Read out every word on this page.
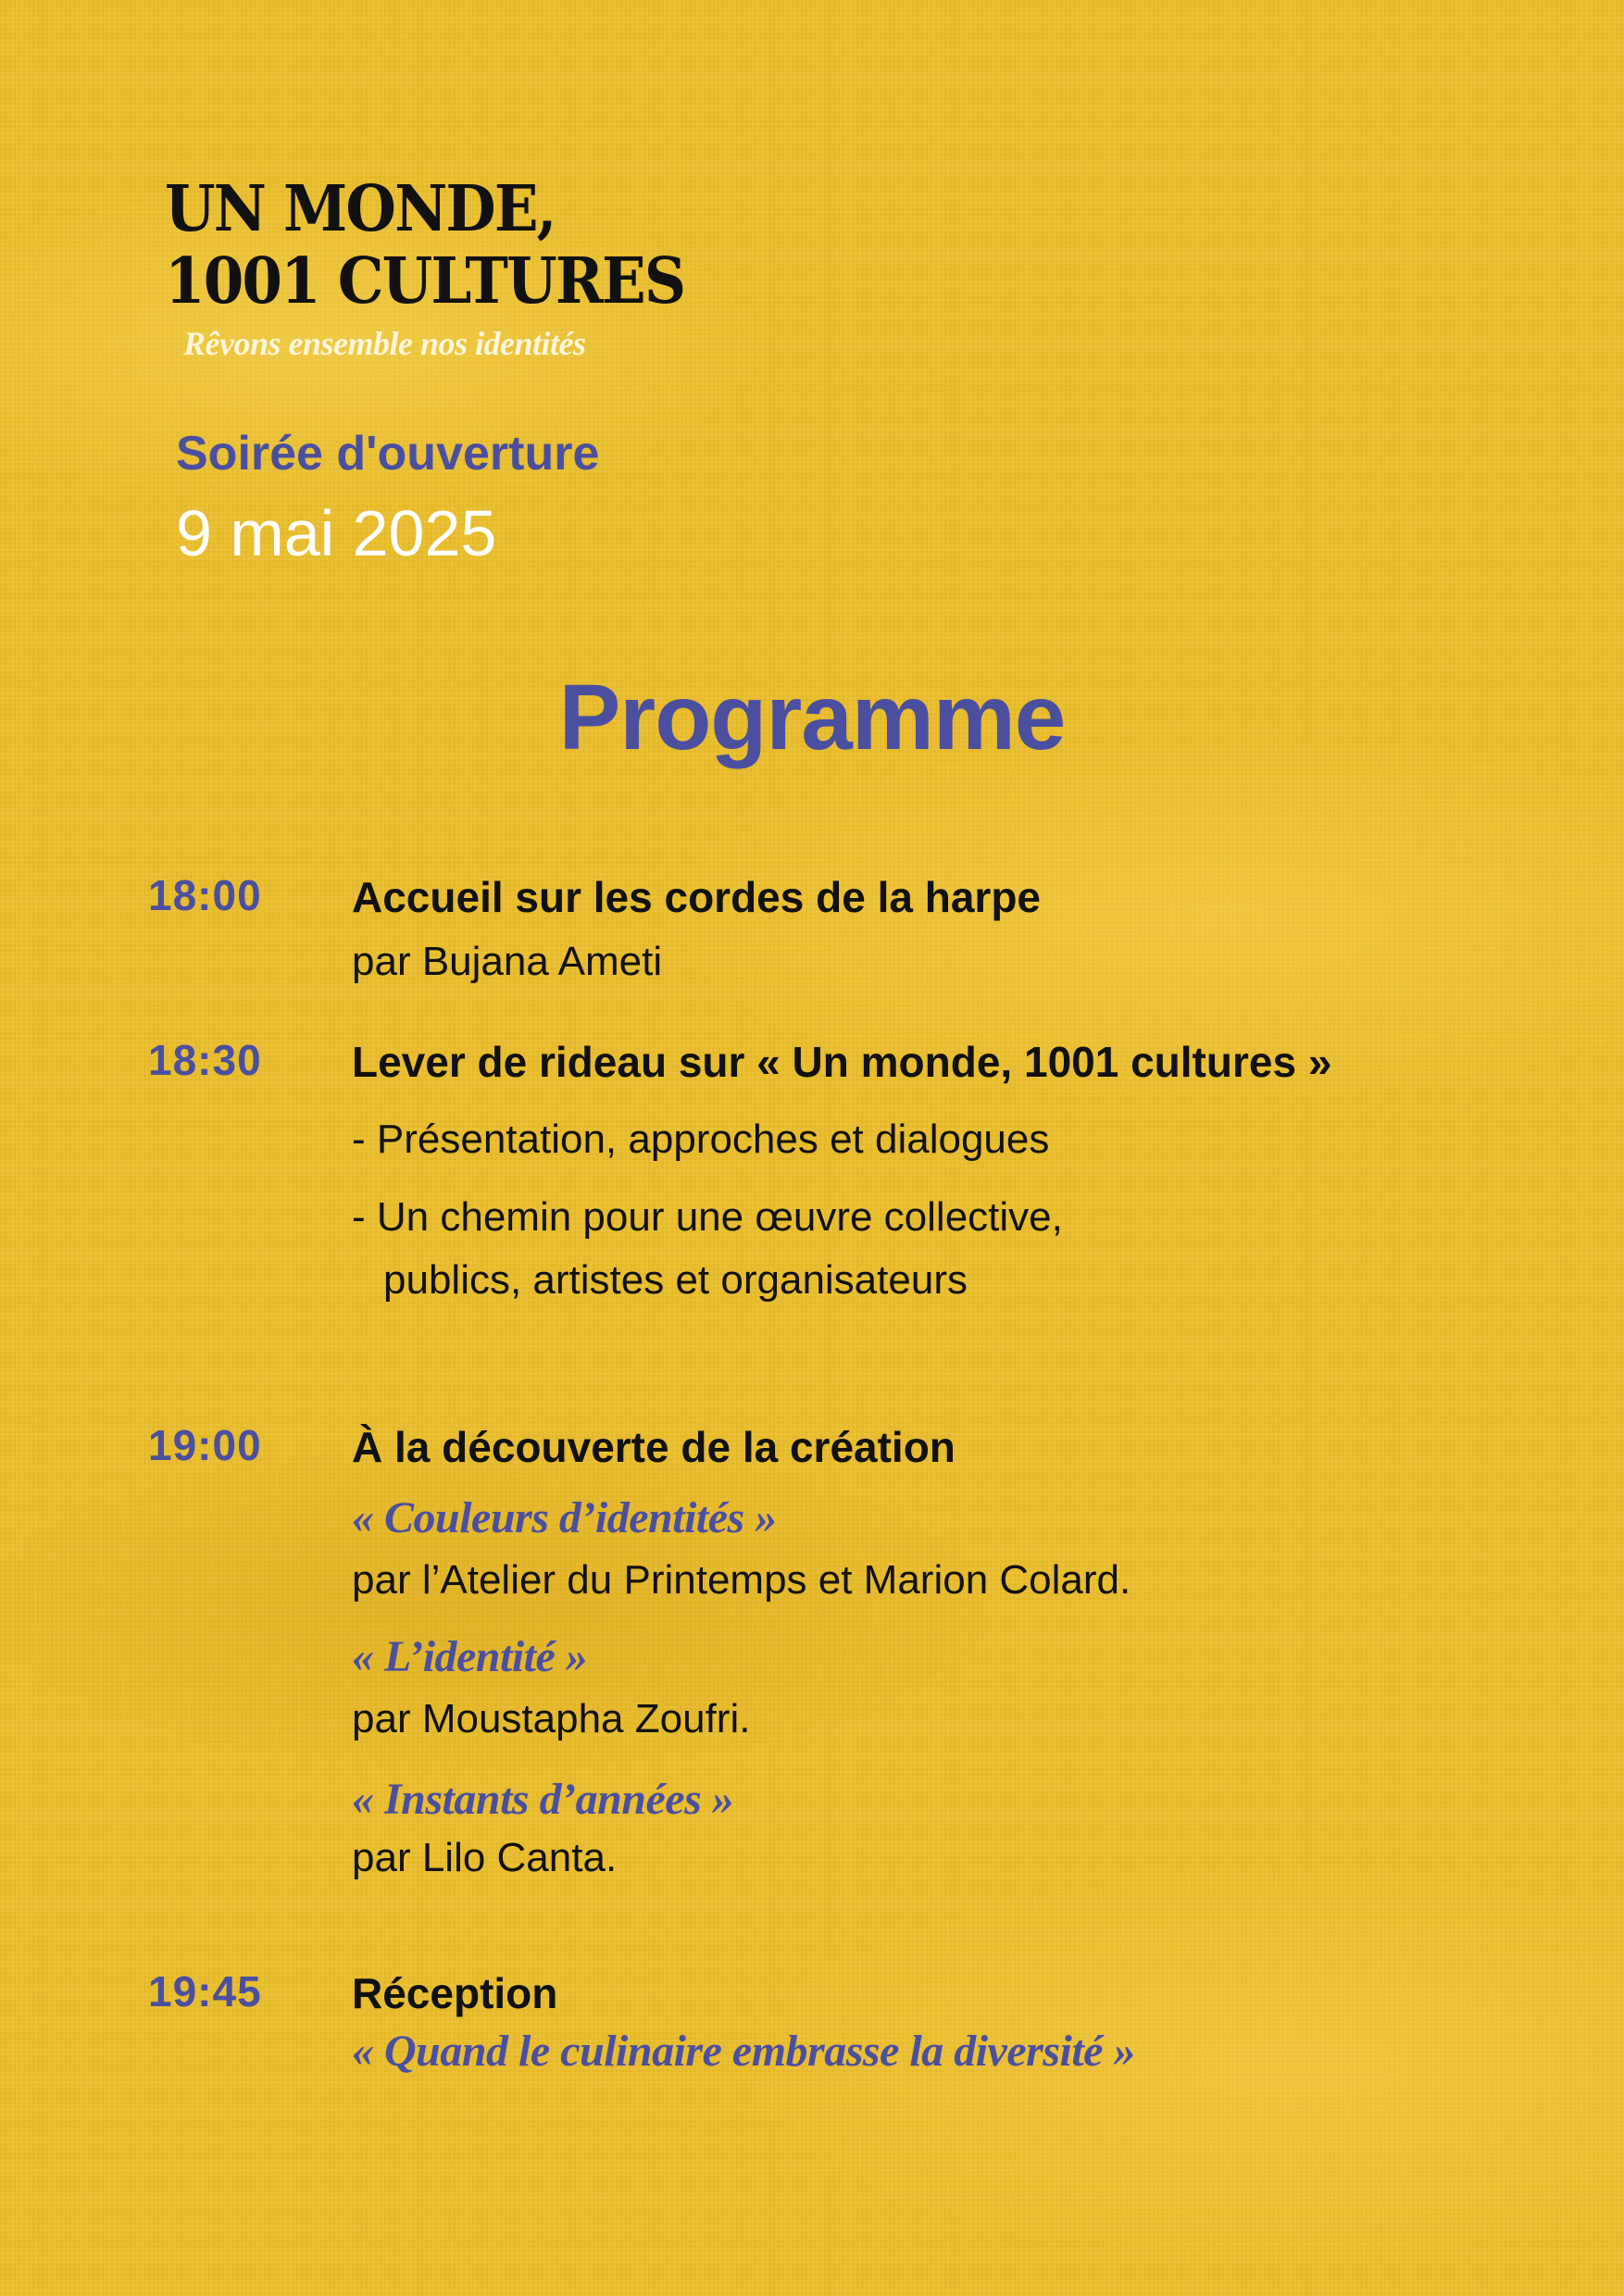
UN MONDE,
1001 CULTURES
Rêvons ensemble nos identités
Soirée d'ouverture
9 mai 2025
Programme
18:00 Accueil sur les cordes de la harpe
par Bujana Ameti
18:30 Lever de rideau sur « Un monde, 1001 cultures »
- Présentation, approches et dialogues
- Un chemin pour une œuvre collective,
publics, artistes et organisateurs
19:00 À la découverte de la création
« Couleurs d’identités »
par l’Atelier du Printemps et Marion Colard.
« L’identité »
par Moustapha Zoufri.
« Instants d’années »
par Lilo Canta.
19:45 Réception
« Quand le culinaire embrasse la diversité »
